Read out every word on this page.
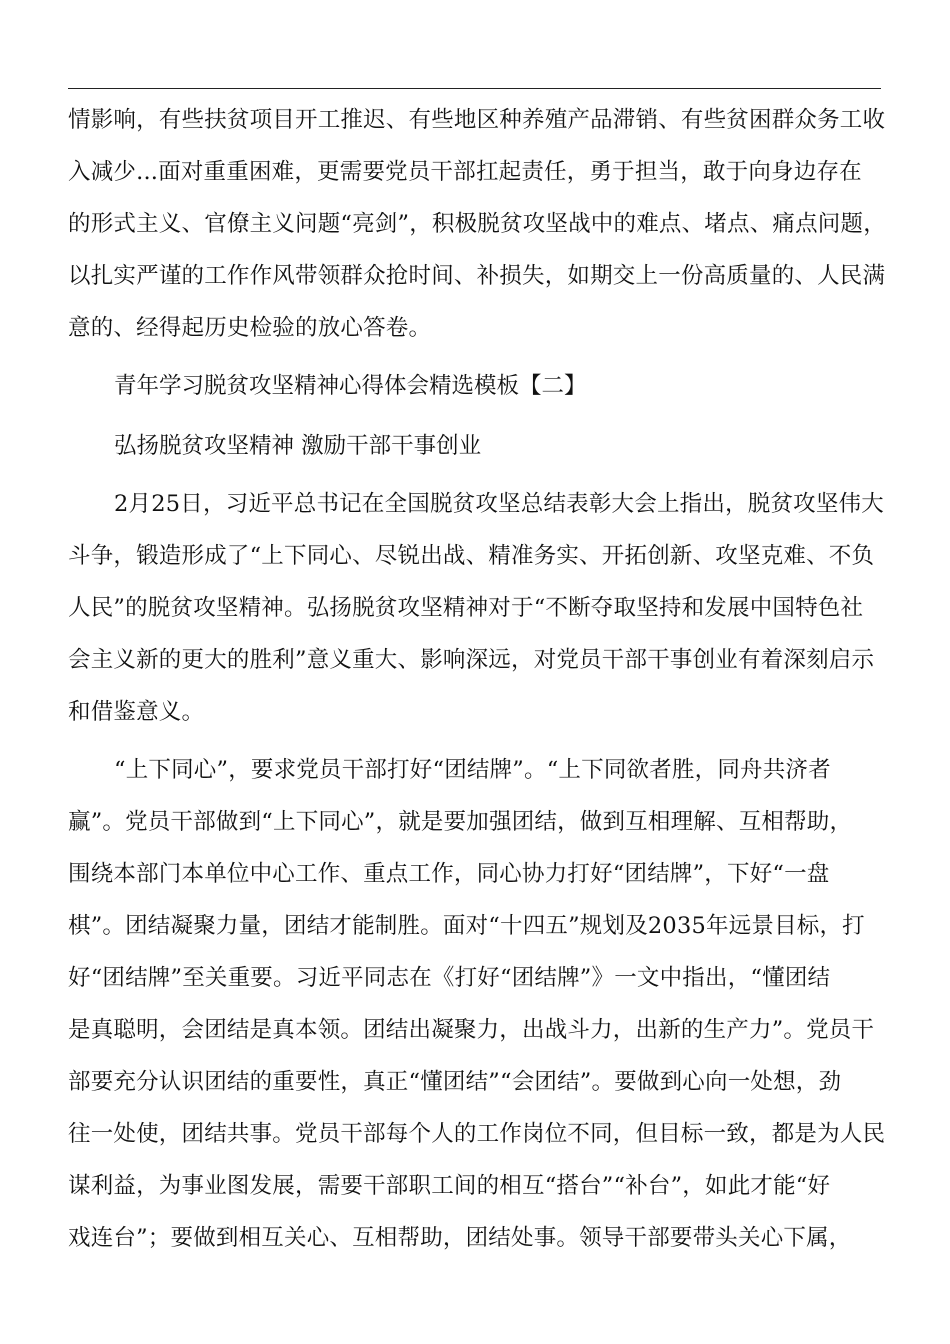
情影响，有些扶贫项目开工推迟、有些地区种养殖产品滞销、有些贫困群众务工收
入减少...面对重重困难，更需要党员干部扛起责任，勇于担当，敢于向身边存在
的形式主义、官僚主义问题“亮剑”，积极脱贫攻坚战中的难点、堵点、痛点问题，
以扎实严谨的工作作风带领群众抢时间、补损失，如期交上一份高质量的、人民满
意的、经得起历史检验的放心答卷。
青年学习脱贫攻坚精神心得体会精选模板【二】
弘扬脱贫攻坚精神 激励干部干事创业
2月25日，习近平总书记在全国脱贫攻坚总结表彰大会上指出，脱贫攻坚伟大
斗争，锻造形成了“上下同心、尽锐出战、精准务实、开拓创新、攻坚克难、不负
人民”的脱贫攻坚精神。弘扬脱贫攻坚精神对于“不断夺取坚持和发展中国特色社
会主义新的更大的胜利”意义重大、影响深远，对党员干部干事创业有着深刻启示
和借鉴意义。
“上下同心”，要求党员干部打好“团结牌”。“上下同欲者胜，同舟共济者
赢”。党员干部做到“上下同心”，就是要加强团结，做到互相理解、互相帮助，
围绕本部门本单位中心工作、重点工作，同心协力打好“团结牌”，下好“一盘
棋”。团结凝聚力量，团结才能制胜。面对“十四五”规划及2035年远景目标，打
好“团结牌”至关重要。习近平同志在《打好“团结牌”》一文中指出，“懂团结
是真聪明，会团结是真本领。团结出凝聚力，出战斗力，出新的生产力”。党员干
部要充分认识团结的重要性，真正“懂团结”“会团结”。要做到心向一处想，劲
往一处使，团结共事。党员干部每个人的工作岗位不同，但目标一致，都是为人民
谋利益，为事业图发展，需要干部职工间的相互“搭台”“补台”，如此才能“好
戏连台”；要做到相互关心、互相帮助，团结处事。领导干部要带头关心下属，
